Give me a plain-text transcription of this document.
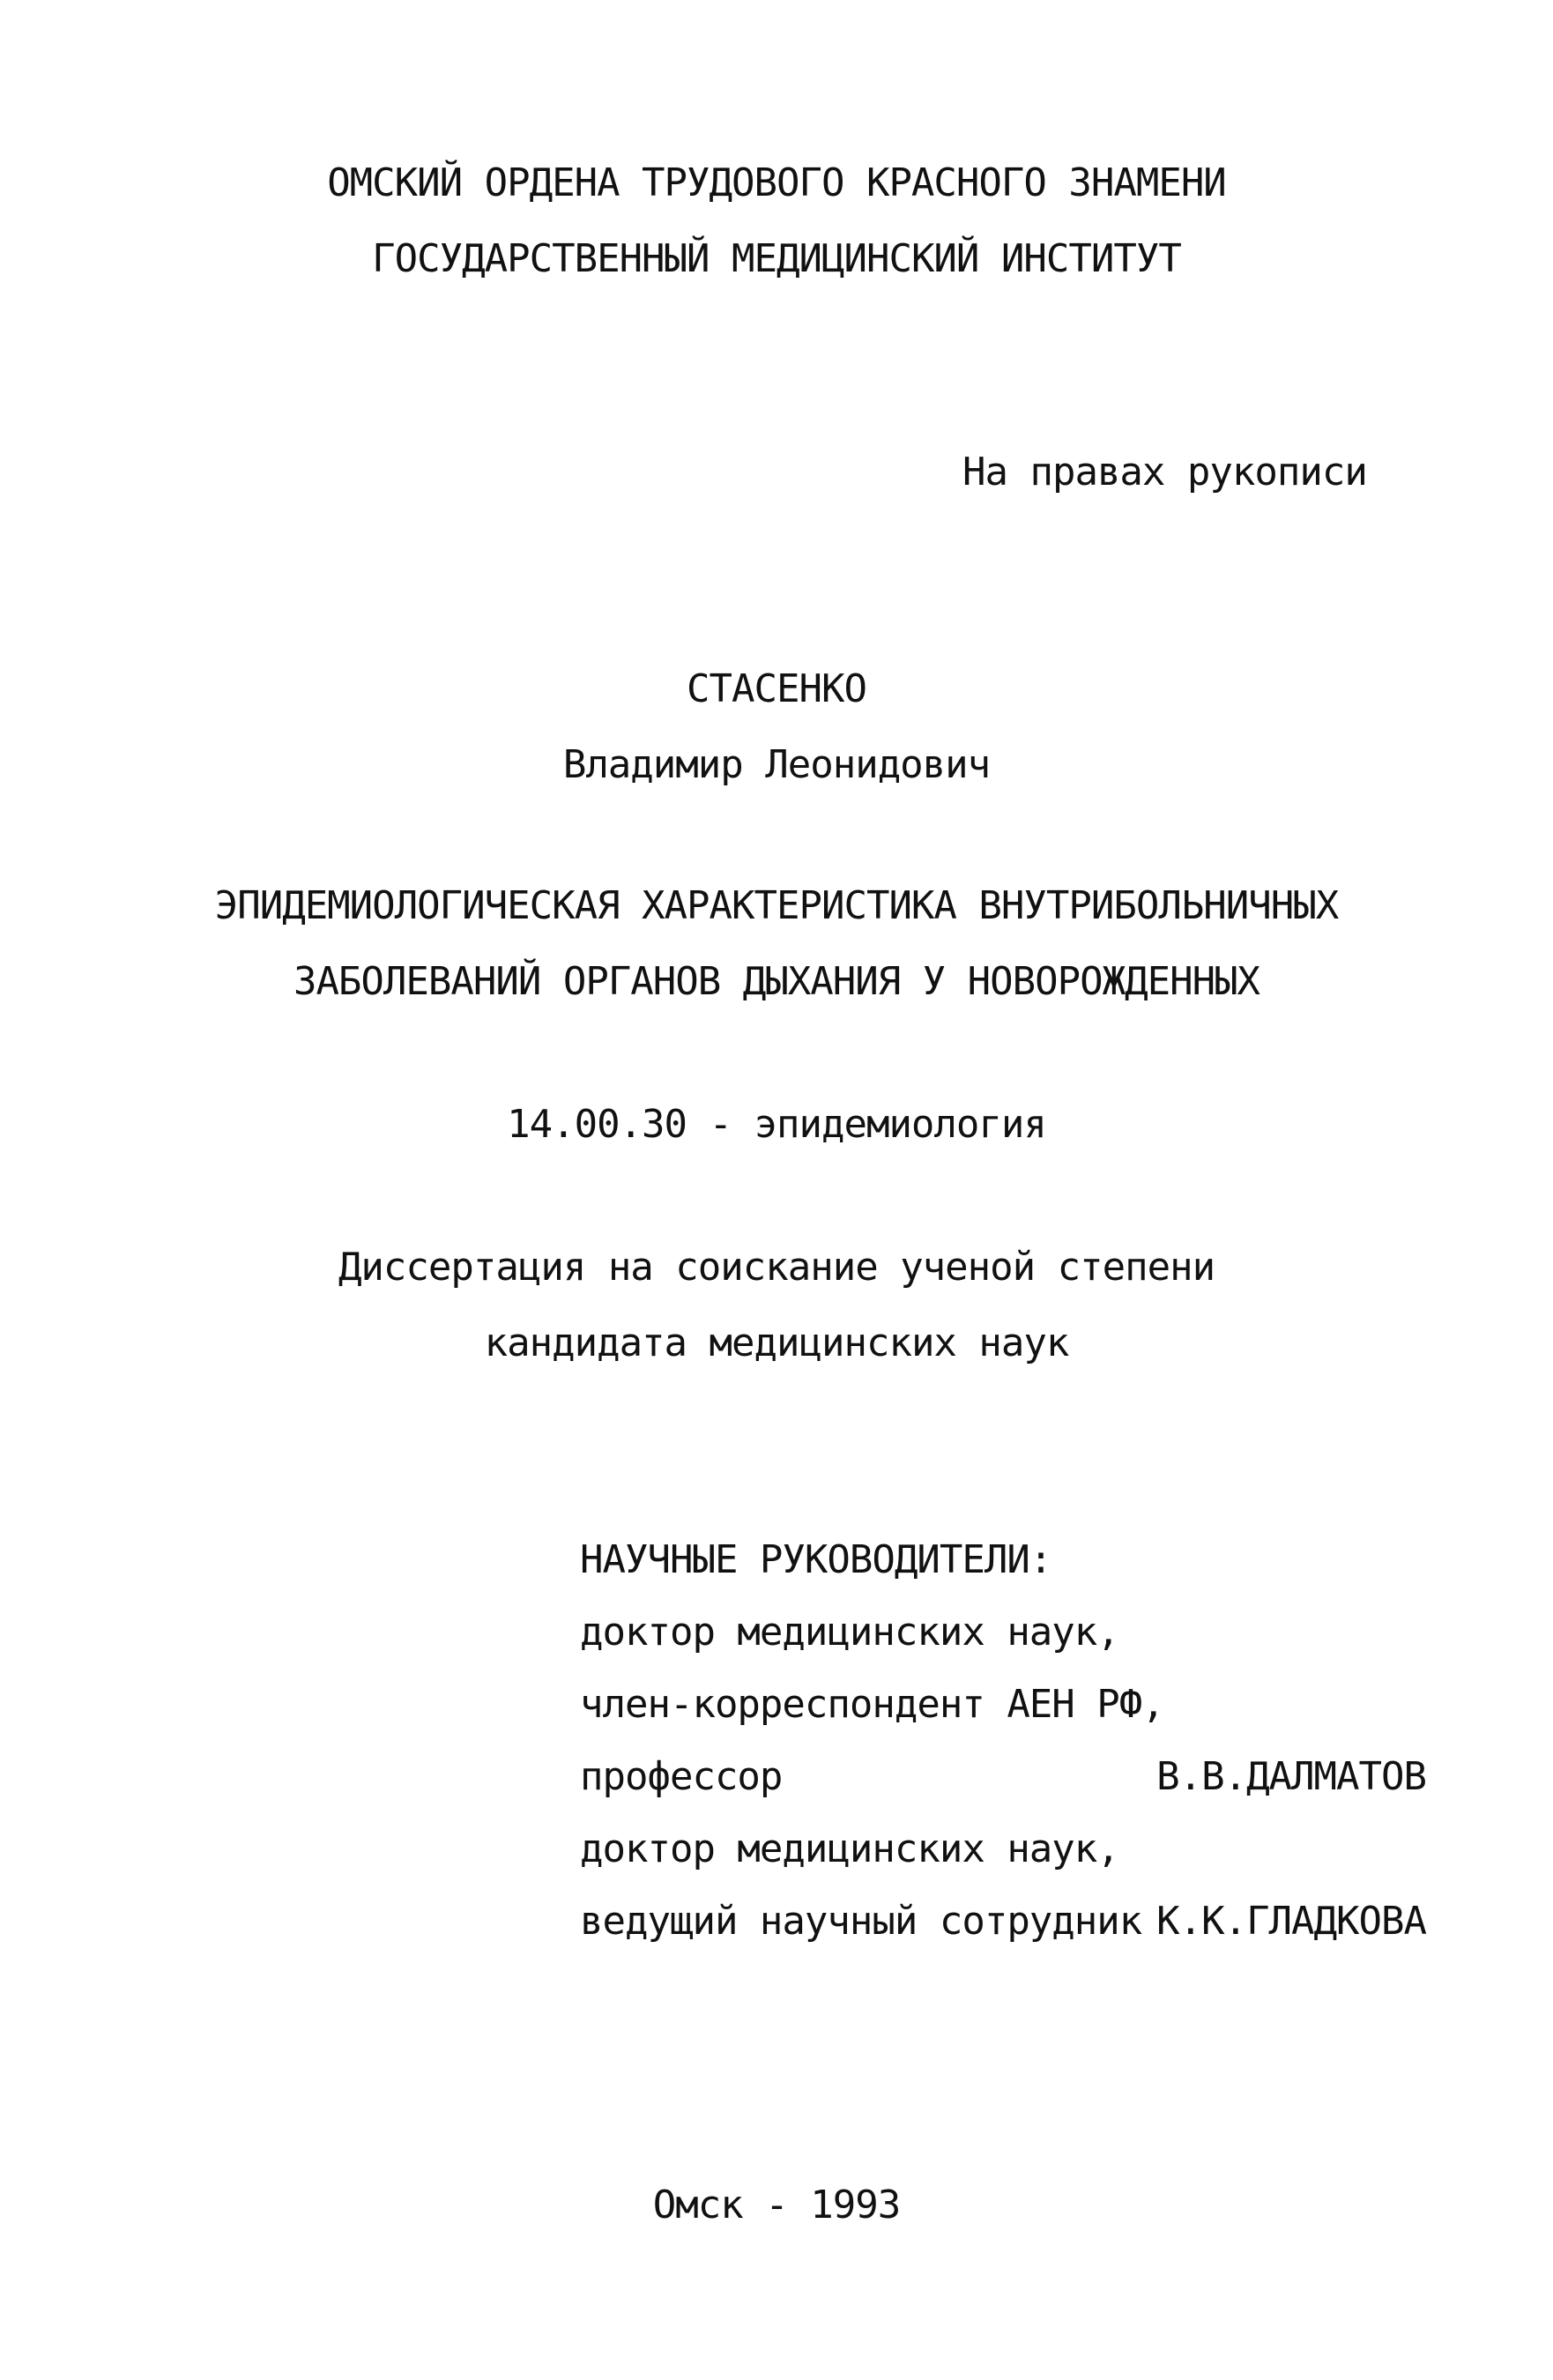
ОМСКИЙ ОРДЕНА ТРУДОВОГО КРАСНОГО ЗНАМЕНИ
ГОСУДАРСТВЕННЫЙ МЕДИЦИНСКИЙ ИНСТИТУТ
На правах рукописи
СТАСЕНКО
Владимир Леонидович
ЭПИДЕМИОЛОГИЧЕСКАЯ ХАРАКТЕРИСТИКА ВНУТРИБОЛЬНИЧНЫХ
ЗАБОЛЕВАНИЙ ОРГАНОВ ДЫХАНИЯ У НОВОРОЖДЕННЫХ
14.00.30 - эпидемиология
Диссертация на соискание ученой степени
кандидата медицинских наук
НАУЧНЫЕ РУКОВОДИТЕЛИ:
доктор медицинских наук,
член-корреспондент АЕН РФ,
профессор	В.В.ДАЛМАТОВ
доктор медицинских наук,
ведущий научный сотрудник К.К.ГЛАДКОВА
Омск - 1993
